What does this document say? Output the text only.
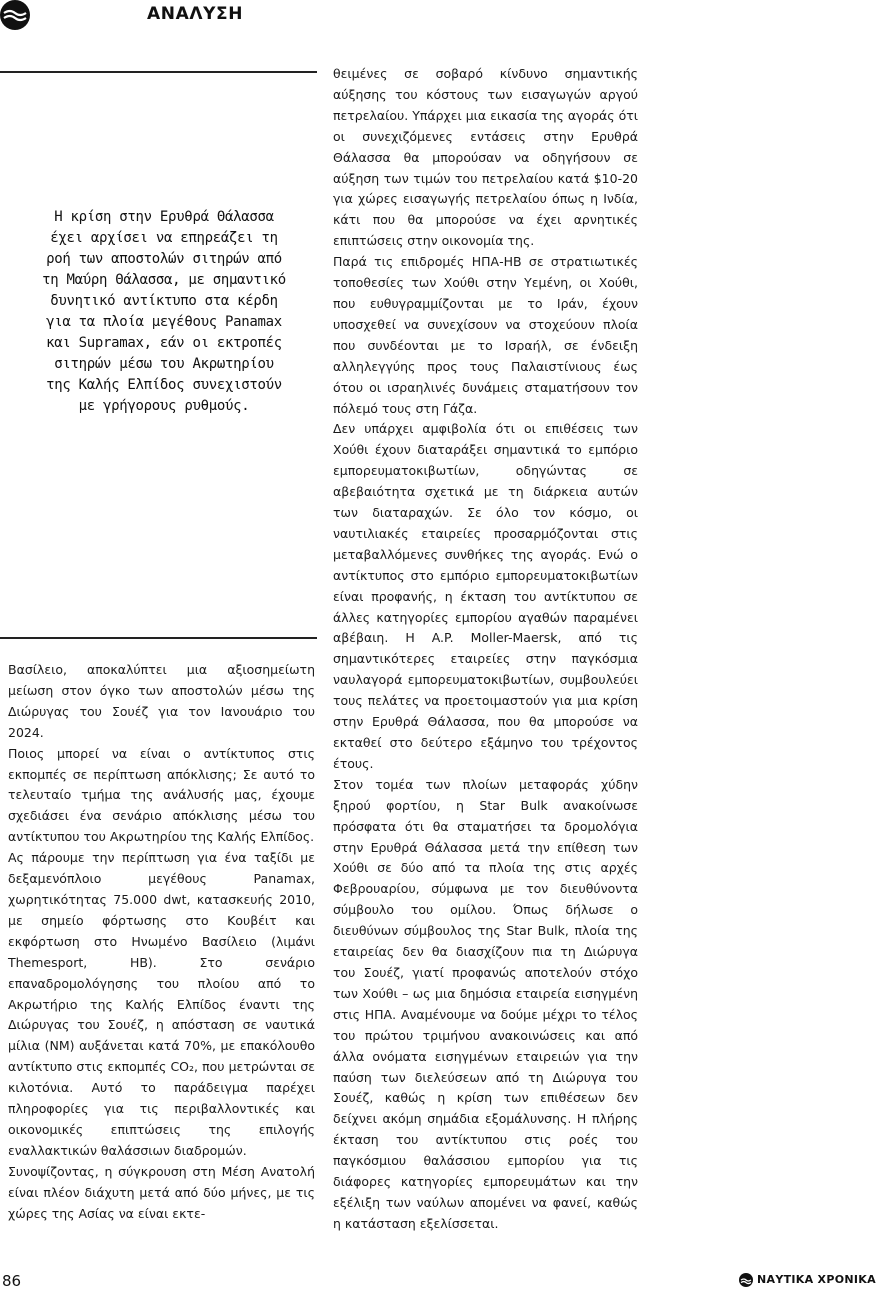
ΑΝΑΛΥΣΗ
Η κρίση στην Ερυθρά Θάλασσα έχει αρχίσει να επηρεάζει τη ροή των αποστολών σιτηρών από τη Μαύρη Θάλασσα, με σημαντικό δυνητικό αντίκτυπο στα κέρδη για τα πλοία μεγέθους Panamax και Supramax, εάν οι εκτροπές σιτηρών μέσω του Ακρωτηρίου της Καλής Ελπίδος συνεχιστούν με γρήγορους ρυθμούς.

Βασίλειο, αποκαλύπτει μια αξιοσημείωτη μείωση στον όγκο των αποστολών μέσω της Διώρυγας του Σουέζ για τον Ιανουάριο του 2024.

Ποιος μπορεί να είναι ο αντίκτυπος στις εκπομπές σε περίπτωση απόκλισης; Σε αυτό το τελευταίο τμήμα της ανάλυσής μας, έχουμε σχεδιάσει ένα σενάριο απόκλισης μέσω του αντίκτυπου του Ακρωτηρίου της Καλής Ελπίδος.

Ας πάρουμε την περίπτωση για ένα ταξίδι με δεξαμενόπλοιο μεγέθους Panamax, χωρητικότητας 75.000 dwt, κατασκευής 2010, με σημείο φόρτωσης στο Κουβέιτ και εκφόρτωση στο Ηνωμένο Βασίλειο (λιμάνι Themesport, ΗΒ). Στο σενάριο επαναδρομολόγησης του πλοίου από το Ακρωτήριο της Καλής Ελπίδος έναντι της Διώρυγας του Σουέζ, η απόσταση σε ναυτικά μίλια (NM) αυξάνεται κατά 70%, με επακόλουθο αντίκτυπο στις εκπομπές CO₂, που μετρώνται σε κιλοτόνια. Αυτό το παράδειγμα παρέχει πληροφορίες για τις περιβαλλοντικές και οικονομικές επιπτώσεις της επιλογής εναλλακτικών θαλάσσιων διαδρομών.

Συνοψίζοντας, η σύγκρουση στη Μέση Ανατολή είναι πλέον διάχυτη μετά από δύο μήνες, με τις χώρες της Ασίας να είναι εκτε-

θειμένες σε σοβαρό κίνδυνο σημαντικής αύξησης του κόστους των εισαγωγών αργού πετρελαίου. Υπάρχει μια εικασία της αγοράς ότι οι συνεχιζόμενες εντάσεις στην Ερυθρά Θάλασσα θα μπορούσαν να οδηγήσουν σε αύξηση των τιμών του πετρελαίου κατά $10-20 για χώρες εισαγωγής πετρελαίου όπως η Ινδία, κάτι που θα μπορούσε να έχει αρνητικές επιπτώσεις στην οικονομία της.

Παρά τις επιδρομές ΗΠΑ-ΗΒ σε στρατιωτικές τοποθεσίες των Χούθι στην Υεμένη, οι Χούθι, που ευθυγραμμίζονται με το Ιράν, έχουν υποσχεθεί να συνεχίσουν να στοχεύουν πλοία που συνδέονται με το Ισραήλ, σε ένδειξη αλληλεγγύης προς τους Παλαιστίνιους έως ότου οι ισραηλινές δυνάμεις σταματήσουν τον πόλεμό τους στη Γάζα.

Δεν υπάρχει αμφιβολία ότι οι επιθέσεις των Χούθι έχουν διαταράξει σημαντικά το εμπόριο εμπορευματοκιβωτίων, οδηγώντας σε αβεβαιότητα σχετικά με τη διάρκεια αυτών των διαταραχών. Σε όλο τον κόσμο, οι ναυτιλιακές εταιρείες προσαρμόζονται στις μεταβαλλόμενες συνθήκες της αγοράς. Ενώ ο αντίκτυπος στο εμπόριο εμπορευματοκιβωτίων είναι προφανής, η έκταση του αντίκτυπου σε άλλες κατηγορίες εμπορίου αγαθών παραμένει αβέβαιη. Η A.P. Moller-Maersk, από τις σημαντικότερες εταιρείες στην παγκόσμια ναυλαγορά εμπορευματοκιβωτίων, συμβουλεύει τους πελάτες να προετοιμαστούν για μια κρίση στην Ερυθρά Θάλασσα, που θα μπορούσε να εκταθεί στο δεύτερο εξάμηνο του τρέχοντος έτους.

Στον τομέα των πλοίων μεταφοράς χύδην ξηρού φορτίου, η Star Bulk ανακοίνωσε πρόσφατα ότι θα σταματήσει τα δρομολόγια στην Ερυθρά Θάλασσα μετά την επίθεση των Χούθι σε δύο από τα πλοία της στις αρχές Φεβρουαρίου, σύμφωνα με τον διευθύνοντα σύμβουλο του ομίλου. Όπως δήλωσε ο διευθύνων σύμβουλος της Star Bulk, πλοία της εταιρείας δεν θα διασχίζουν πια τη Διώρυγα του Σουέζ, γιατί προφανώς αποτελούν στόχο των Χούθι – ως μια δημόσια εταιρεία εισηγμένη στις ΗΠΑ. Αναμένουμε να δούμε μέχρι το τέλος του πρώτου τριμήνου ανακοινώσεις και από άλλα ονόματα εισηγμένων εταιρειών για την παύση των διελεύσεων από τη Διώρυγα του Σουέζ, καθώς η κρίση των επιθέσεων δεν δείχνει ακόμη σημάδια εξομάλυνσης. Η πλήρης έκταση του αντίκτυπου στις ροές του παγκόσμιου θαλάσσιου εμπορίου για τις διάφορες κατηγορίες εμπορευμάτων και την εξέλιξη των ναύλων απομένει να φανεί, καθώς η κατάσταση εξελίσσεται.

86	ΝΑΥΤΙΚΑ ΧΡΟΝΙΚΑ
